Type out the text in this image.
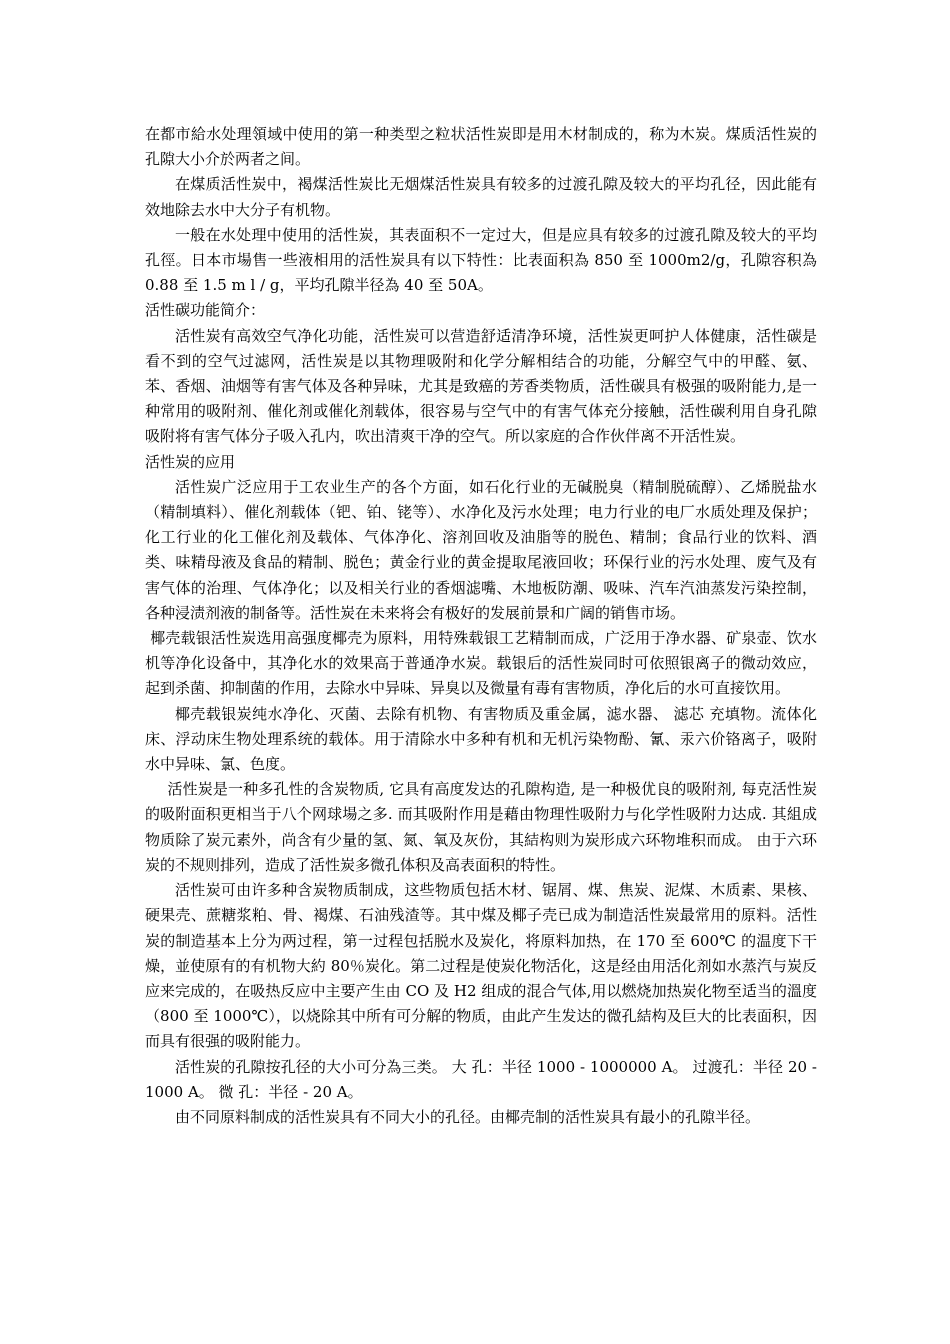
在都市給水处理領域中使用的第一种类型之粒状活性炭即是用木材制成的，称为木炭。煤质活性炭的孔隙大小介於两者之间。

在煤质活性炭中，褐煤活性炭比无烟煤活性炭具有较多的过渡孔隙及较大的平均孔径，因此能有效地除去水中大分子有机物。

一般在水处理中使用的活性炭，其表面积不一定过大，但是应具有较多的过渡孔隙及较大的平均孔徑。日本市場售一些液相用的活性炭具有以下特性：比表面积為 850 至 1000m2/g，孔隙容积為 0.88 至 1.5 m l / g，平均孔隙半径為 40 至 50A。

活性碳功能简介：

活性炭有高效空气净化功能，活性炭可以营造舒适清净环境，活性炭更呵护人体健康，活性碳是看不到的空气过滤网，活性炭是以其物理吸附和化学分解相结合的功能，分解空气中的甲醛、氨、苯、香烟、油烟等有害气体及各种异味，尤其是致癌的芳香类物质，活性碳具有极强的吸附能力,是一种常用的吸附剂、催化剂或催化剂载体，很容易与空气中的有害气体充分接触，活性碳利用自身孔隙吸附将有害气体分子吸入孔内，吹出清爽干净的空气。所以家庭的合作伙伴离不开活性炭。

活性炭的应用

活性炭广泛应用于工农业生产的各个方面，如石化行业的无碱脱臭（精制脱硫醇）、乙烯脱盐水（精制填料）、催化剂载体（钯、铂、铑等）、水净化及污水处理；电力行业的电厂水质处理及保护；化工行业的化工催化剂及载体、气体净化、溶剂回收及油脂等的脱色、精制；食品行业的饮料、酒类、味精母液及食品的精制、脱色；黄金行业的黄金提取尾液回收；环保行业的污水处理、废气及有害气体的治理、气体净化；以及相关行业的香烟滤嘴、木地板防潮、吸味、汽车汽油蒸发污染控制，各种浸渍剂液的制备等。活性炭在未来将会有极好的发展前景和广阔的销售市场。

椰壳载银活性炭选用高强度椰壳为原料，用特殊载银工艺精制而成，广泛用于净水器、矿泉壶、饮水机等净化设备中，其净化水的效果高于普通净水炭。载银后的活性炭同时可依照银离子的微动效应，起到杀菌、抑制菌的作用，去除水中异味、异臭以及微量有毒有害物质，净化后的水可直接饮用。

椰壳载银炭纯水净化、灭菌、去除有机物、有害物质及重金属，滤水器、 滤芯 充填物。流体化床、浮动床生物处理系统的载体。用于清除水中多种有机和无机污染物酚、氰、汞六价铬离子，吸附水中异味、氯、色度。

活性炭是一种多孔性的含炭物质, 它具有高度发达的孔隙构造, 是一种极优良的吸附剂, 每克活性炭的吸附面积更相当于八个网球場之多. 而其吸附作用是藉由物理性吸附力与化学性吸附力达成. 其組成物质除了炭元素外，尚含有少量的氢、氮、氧及灰份，其結构则为炭形成六环物堆积而成。 由于六环炭的不规则排列，造成了活性炭多微孔体积及高表面积的特性。

活性炭可由许多种含炭物质制成，这些物质包括木材、锯屑、煤、焦炭、泥煤、木质素、果核、硬果壳、蔗糖浆粕、骨、褐煤、石油残渣等。其中煤及椰子壳已成为制造活性炭最常用的原料。活性炭的制造基本上分为两过程，第一过程包括脱水及炭化，将原料加热，在 170 至 600℃ 的温度下干燥，並使原有的有机物大約 80％炭化。第二过程是使炭化物活化，这是经由用活化剂如水蒸汽与炭反应来完成的，在吸热反应中主要产生由 CO 及 H2 组成的混合气体,用以燃烧加热炭化物至适当的溫度（800 至 1000℃），以烧除其中所有可分解的物质，由此产生发达的微孔結构及巨大的比表面积，因而具有很强的吸附能力。

活性炭的孔隙按孔径的大小可分為三类。 大 孔：半径 1000 - 1000000 A。 过渡孔：半径 20 - 1000 A。 微 孔：半径 - 20 A。

由不同原料制成的活性炭具有不同大小的孔径。由椰壳制的活性炭具有最小的孔隙半径。
